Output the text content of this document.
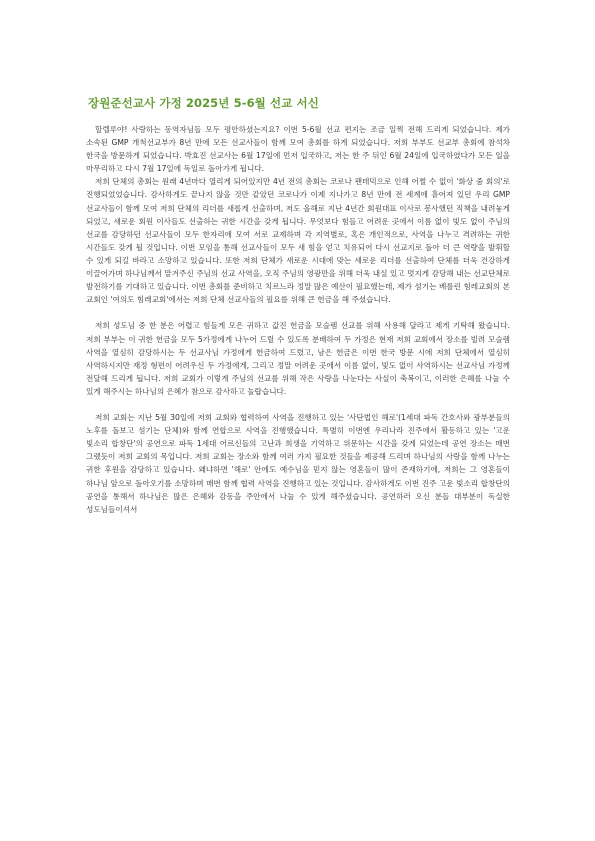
장원준선교사 가정 2025년 5-6월 선교 서신

할렐루야! 사랑하는 동역자님들 모두 평안하셨는지요? 이번 5-6월 선교 편지는 조금 일찍 전해 드리게 되었습니다. 제가 소속된 GMP 개척선교부가 8년 만에 모든 선교사들이 함께 모여 총회를 하게 되었습니다. 저희 부부도 선교부 총회에 참석차 한국을 방문하게 되었습니다. 박효진 선교사는 6월 17일에 먼저 입국하고, 저는 한 주 뒤인 6월 24일에 입국하였다가 모든 일을 마무리하고 다시 7월 17일에 독일로 돌아가게 됩니다.

저희 단체의 총회는 원래 4년마다 열리게 되어있지만 4년 전의 총회는 코로나 팬데믹으로 인해 어쩔 수 없이 '화상 줌 회의'로 진행되었었습니다. 감사하게도 끝나지 않을 것만 같았던 코로나가 이제 지나가고 8년 만에 전 세계에 흩어져 있던 우리 GMP 선교사들이 함께 모여 저희 단체의 리더를 새롭게 선출하며, 저도 올해로 지난 4년간 회원대표 이사로 봉사했던 직책을 내려놓게 되었고, 새로운 회원 이사들도 선출하는 귀한 시간을 갖게 됩니다. 무엇보다 힘들고 어려운 곳에서 이름 없이 빛도 없이 주님의 선교를 감당하던 선교사들이 모두 한자리에 모여 서로 교제하며 각 지역별로, 혹은 개인적으로, 사역을 나누고 격려하는 귀한 시간들도 갖게 될 것입니다. 이번 모임을 통해 선교사들이 모두 새 힘을 얻고 치유되어 다시 선교지로 돌아 더 큰 역량을 발휘할 수 있게 되길 바라고 소망하고 있습니다. 또한 저희 단체가 새로운 시대에 맞는 새로운 리더를 선출하여 단체를 더욱 건강하게 이끌어가며 하나님께서 맡겨주신 주님의 선교 사역을, 오직 주님의 영광만을 위해 더욱 내실 있고 멋지게 감당해 내는 선교단체로 발전하기를 기대하고 있습니다. 이번 총회를 준비하고 치르느라 정말 많은 예산이 필요했는데, 제가 섬기는 베를린 힘레교회의 본 교회인 '여의도 힘레교회'에서는 저희 단체 선교사들의 필요를 위해 큰 헌금을 해 주셨습니다.

저희 성도님 중 한 분은 어렵고 힘들게 모은 귀하고 값진 헌금을 모슬렘 선교를 위해 사용해 달라고 제게 기탁해 왔습니다. 저희 부부는 이 귀한 헌금을 모두 5가정에게 나누어 드릴 수 있도록 분배하여 두 가정은 현재 저희 교회에서 장소를 빌려 모슬렘 사역을 열심히 감당하시는 두 선교사님 가정에게 헌금하여 드렸고, 남은 헌금은 이번 한국 방문 시에 저희 단체에서 열심히 사역하시지만 재정 형편이 어려우신 두 가정에게, 그리고 정말 어려운 곳에서 이름 없이, 빛도 없이 사역하시는 선교사님 가정께 전달해 드리게 됩니다. 저희 교회가 이렇게 주님의 선교를 위해 작은 사랑을 나눈다는 사실이 축복이고, 이러한 은혜를 나눌 수 있게 해주시는 하나님의 은혜가 참으로 감사하고 놀랍습니다.

저희 교회는 지난 5월 30일에 저희 교회와 협력하여 사역을 진행하고 있는 '사단법인 해로'(1세대 파독 간호사와 광부분들의 노후를 돌보고 섬기는 단체)와 함께 연합으로 사역을 진행했습니다. 특별히 이번엔 우리나라 진주에서 활동하고 있는 '고운 빛소리 합창단'의 공연으로 파독 1세대 어르신들의 고난과 희생을 기억하고 위문하는 시간을 갖게 되었는데 공연 장소는 매번 그랬듯이 저희 교회의 목입니다. 저희 교회는 장소와 함께 여러 가지 필요한 것들을 제공해 드리며 하나님의 사랑을 함께 나누는 귀한 후원을 감당하고 있습니다. 왜냐하면 '해로' 안에도 예수님을 믿지 않는 영혼들이 많이 존재하기에, 저희는 그 영혼들이 하나님 앞으로 돌아오기를 소망하며 매번 함께 협력 사역을 진행하고 있는 것입니다. 감사하게도 이번 진주 고운 빛소리 합창단의 공연을 통해서 하나님은 많은 은혜와 감동을 주안에서 나눌 수 있게 해주셨습니다. 공연하러 오신 분들 대부분이 독실한 성도님들이셔서
